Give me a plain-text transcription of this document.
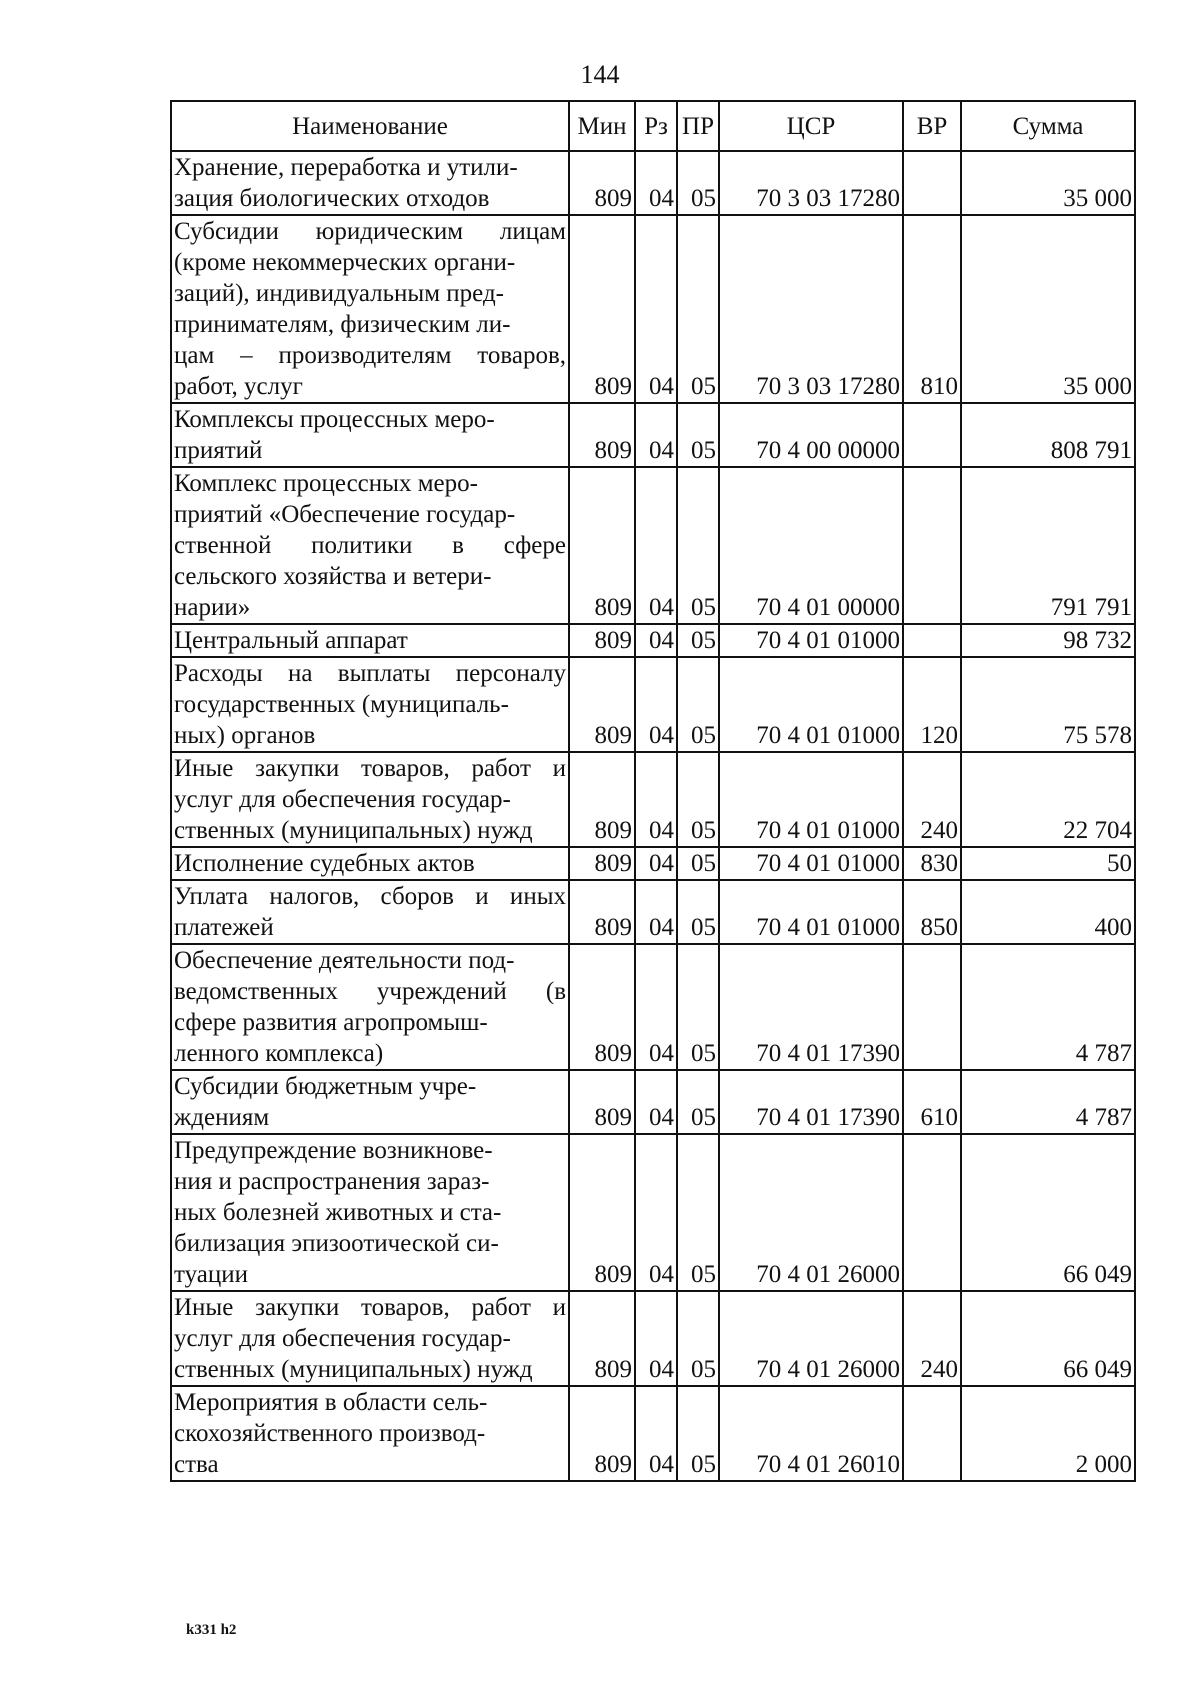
144
Наименование	Мин	Рз	ПР	ЦСР	ВР	Сумма
Хранение, переработка и утили-
зация биологических отходов	809	04	05	70 3 03 17280		35 000
Субсидии юридическим лицам (кроме некоммерческих органи-
заций), индивидуальным пред-
принимателям, физическим ли-
цам – производителям товаров, работ, услуг	809	04	05	70 3 03 17280	810	35 000
Комплексы процессных меро-
приятий	809	04	05	70 4 00 00000		808 791
Комплекс процессных меро-
приятий «Обеспечение государ-
ственной политики в сфере сельского хозяйства и ветери-
нарии»	809	04	05	70 4 01 00000		791 791
Центральный аппарат	809	04	05	70 4 01 01000		98 732
Расходы на выплаты персоналу государственных (муниципаль-
ных) органов	809	04	05	70 4 01 01000	120	75 578
Иные закупки товаров, работ и услуг для обеспечения государ-
ственных (муниципальных) нужд	809	04	05	70 4 01 01000	240	22 704
Исполнение судебных актов	809	04	05	70 4 01 01000	830	50
Уплата налогов, сборов и иных платежей	809	04	05	70 4 01 01000	850	400
Обеспечение деятельности под-
ведомственных учреждений (в сфере развития агропромыш-
ленного комплекса)	809	04	05	70 4 01 17390		4 787
Субсидии бюджетным учре-
ждениям	809	04	05	70 4 01 17390	610	4 787
Предупреждение возникнове-
ния и распространения зараз-
ных болезней животных и ста-
билизация эпизоотической си-
туации	809	04	05	70 4 01 26000		66 049
Иные закупки товаров, работ и услуг для обеспечения государ-
ственных (муниципальных) нужд	809	04	05	70 4 01 26000	240	66 049
Мероприятия в области сель-
скохозяйственного производ-
ства	809	04	05	70 4 01 26010		2 000
k331 h2
